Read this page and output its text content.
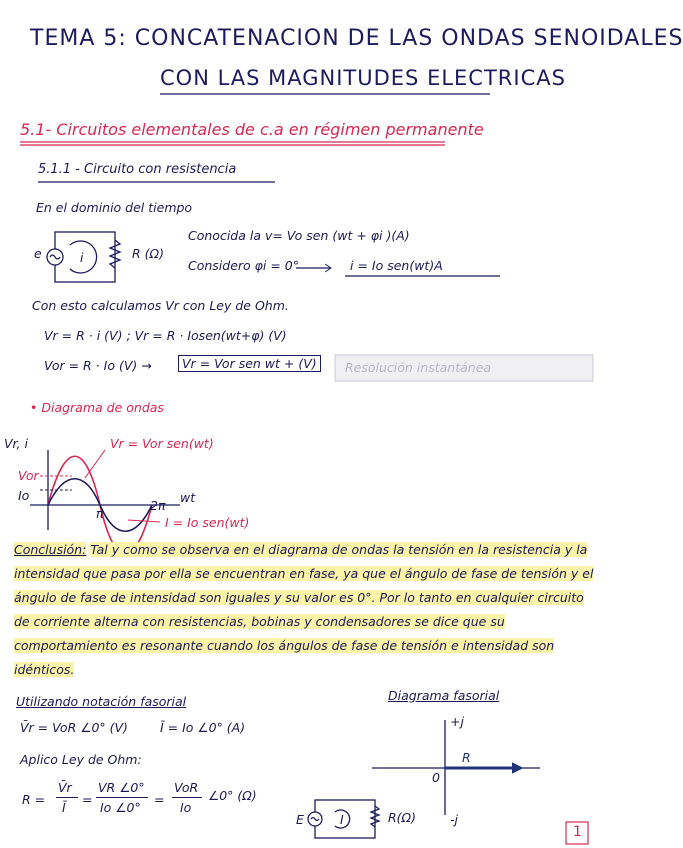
TEMA 5: CONCATENACION DE LAS ONDAS SENOIDALES
CON LAS MAGNITUDES ELECTRICAS
5.1- Circuitos elementales de c.a en régimen permanente
5.1.1 - Circuito con resistencia
En el dominio del tiempo
e	i	R (Ω)
Conocida la v= Vo sen (wt + φi )(A)
Considero φi = 0°	i = Io sen(wt)A
Con esto calculamos Vr con Ley de Ohm.
Vr = R · i (V) ; Vr = R · Iosen(wt+φ) (V)
Vor = R · Io (V) →	Vr = Vor sen wt + (V)	Resolución instantánea
• Diagrama de ondas
Vr, i	Vr = Vor sen(wt)
Vor
Io	wt
π
2π
I = Io sen(wt)
Conclusión: Tal y como se observa en el diagrama de ondas la tensión en la resistencia y la intensidad que pasa por ella se encuentran en fase, ya que el ángulo de fase de tensión y el ángulo de fase de intensidad son iguales y su valor es 0°. Por lo tanto en cualquier circuito de corriente alterna con resistencias, bobinas y condensadores se dice que su comportamiento es resonante cuando los ángulos de fase de tensión e intensidad son idénticos.
Utilizando notación fasorial
V̄r = VoR ∠0° (V)	Ī = Io ∠0° (A)
Aplico Ley de Ohm:
R =
V̄r
Ī
=
VR ∠0°
Io ∠0°
=
VoR
Io
∠0° (Ω)
Diagrama fasorial
+j
-j
0
R
E	I	R(Ω)
1
